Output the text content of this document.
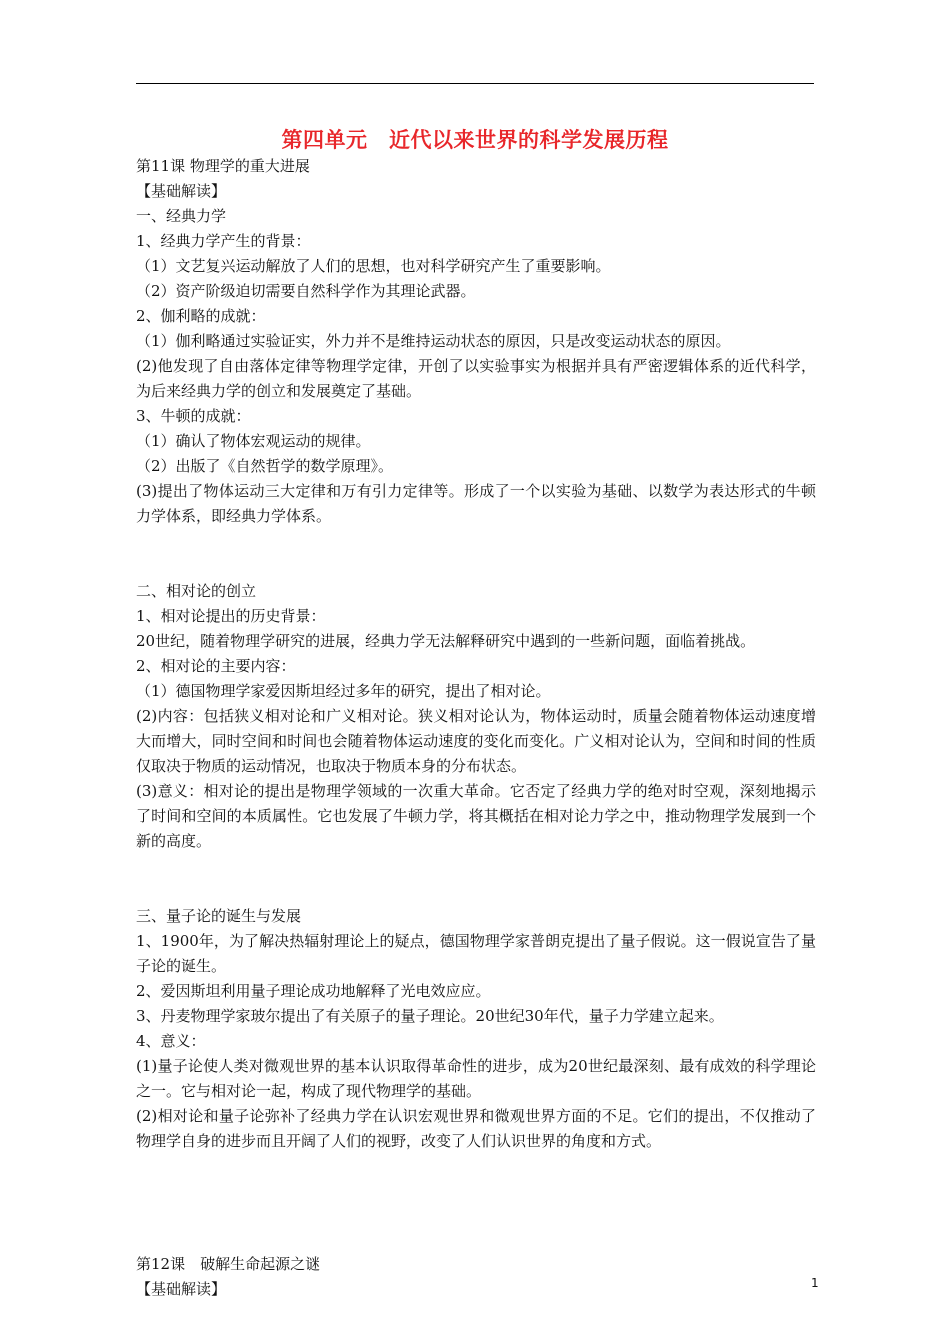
第四单元　近代以来世界的科学发展历程
第11课 物理学的重大进展
【基础解读】
一、经典力学
1、经典力学产生的背景：
（1）文艺复兴运动解放了人们的思想，也对科学研究产生了重要影响。
（2）资产阶级迫切需要自然科学作为其理论武器。
2、伽利略的成就：
（1）伽利略通过实验证实，外力并不是维持运动状态的原因，只是改变运动状态的原因。
(2)他发现了自由落体定律等物理学定律，开创了以实验事实为根据并具有严密逻辑体系的近代科学，为后来经典力学的创立和发展奠定了基础。
3、牛顿的成就：
（1）确认了物体宏观运动的规律。
（2）出版了《自然哲学的数学原理》。
(3)提出了物体运动三大定律和万有引力定律等。形成了一个以实验为基础、以数学为表达形式的牛顿力学体系，即经典力学体系。
二、相对论的创立
1、相对论提出的历史背景：
20世纪，随着物理学研究的进展，经典力学无法解释研究中遇到的一些新问题，面临着挑战。
2、相对论的主要内容：
（1）德国物理学家爱因斯坦经过多年的研究，提出了相对论。
(2)内容：包括狭义相对论和广义相对论。狭义相对论认为，物体运动时，质量会随着物体运动速度增大而增大，同时空间和时间也会随着物体运动速度的变化而变化。广义相对论认为，空间和时间的性质仅取决于物质的运动情况，也取决于物质本身的分布状态。
(3)意义：相对论的提出是物理学领域的一次重大革命。它否定了经典力学的绝对时空观，深刻地揭示了时间和空间的本质属性。它也发展了牛顿力学，将其概括在相对论力学之中，推动物理学发展到一个新的高度。
三、量子论的诞生与发展
1、1900年，为了解决热辐射理论上的疑点，德国物理学家普朗克提出了量子假说。这一假说宣告了量子论的诞生。
2、爱因斯坦利用量子理论成功地解释了光电效应应。
3、丹麦物理学家玻尔提出了有关原子的量子理论。20世纪30年代，量子力学建立起来。
4、意义：
(1)量子论使人类对微观世界的基本认识取得革命性的进步，成为20世纪最深刻、最有成效的科学理论之一。它与相对论一起，构成了现代物理学的基础。
(2)相对论和量子论弥补了经典力学在认识宏观世界和微观世界方面的不足。它们的提出，不仅推动了物理学自身的进步而且开阔了人们的视野，改变了人们认识世界的角度和方式。
第12课　破解生命起源之谜
【基础解读】	1
